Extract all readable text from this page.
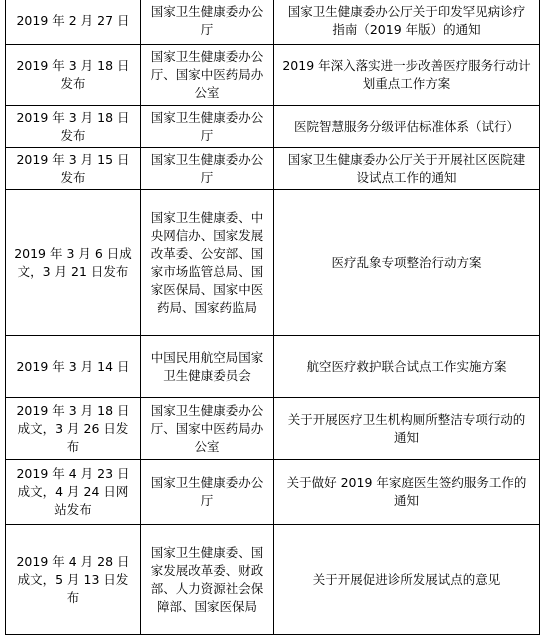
2019 年 2 月 27 日	国家卫生健康委办公厅	国家卫生健康委办公厅关于印发罕见病诊疗指南（2019 年版）的通知

2019 年 3 月 18 日发布	国家卫生健康委办公厅、国家中医药局办公室	2019 年深入落实进一步改善医疗服务行动计划重点工作方案

2019 年 3 月 18 日发布	国家卫生健康委办公厅	医院智慧服务分级评估标准体系（试行）

2019 年 3 月 15 日发布	国家卫生健康委办公厅	国家卫生健康委办公厅关于开展社区医院建设试点工作的通知

2019 年 3 月 6 日成文，3 月 21 日发布	国家卫生健康委、中央网信办、国家发展改革委、公安部、国家市场监管总局、国家医保局、国家中医药局、国家药监局	医疗乱象专项整治行动方案

2019 年 3 月 14 日	中国民用航空局国家卫生健康委员会	航空医疗救护联合试点工作实施方案

2019 年 3 月 18 日成文，3 月 26 日发布	国家卫生健康委办公厅、国家中医药局办公室	关于开展医疗卫生机构厕所整洁专项行动的通知

2019 年 4 月 23 日成文，4 月 24 日网站发布	国家卫生健康委办公厅	关于做好 2019 年家庭医生签约服务工作的通知

2019 年 4 月 28 日成文，5 月 13 日发布	国家卫生健康委、国家发展改革委、财政部、人力资源社会保障部、国家医保局	关于开展促进诊所发展试点的意见
